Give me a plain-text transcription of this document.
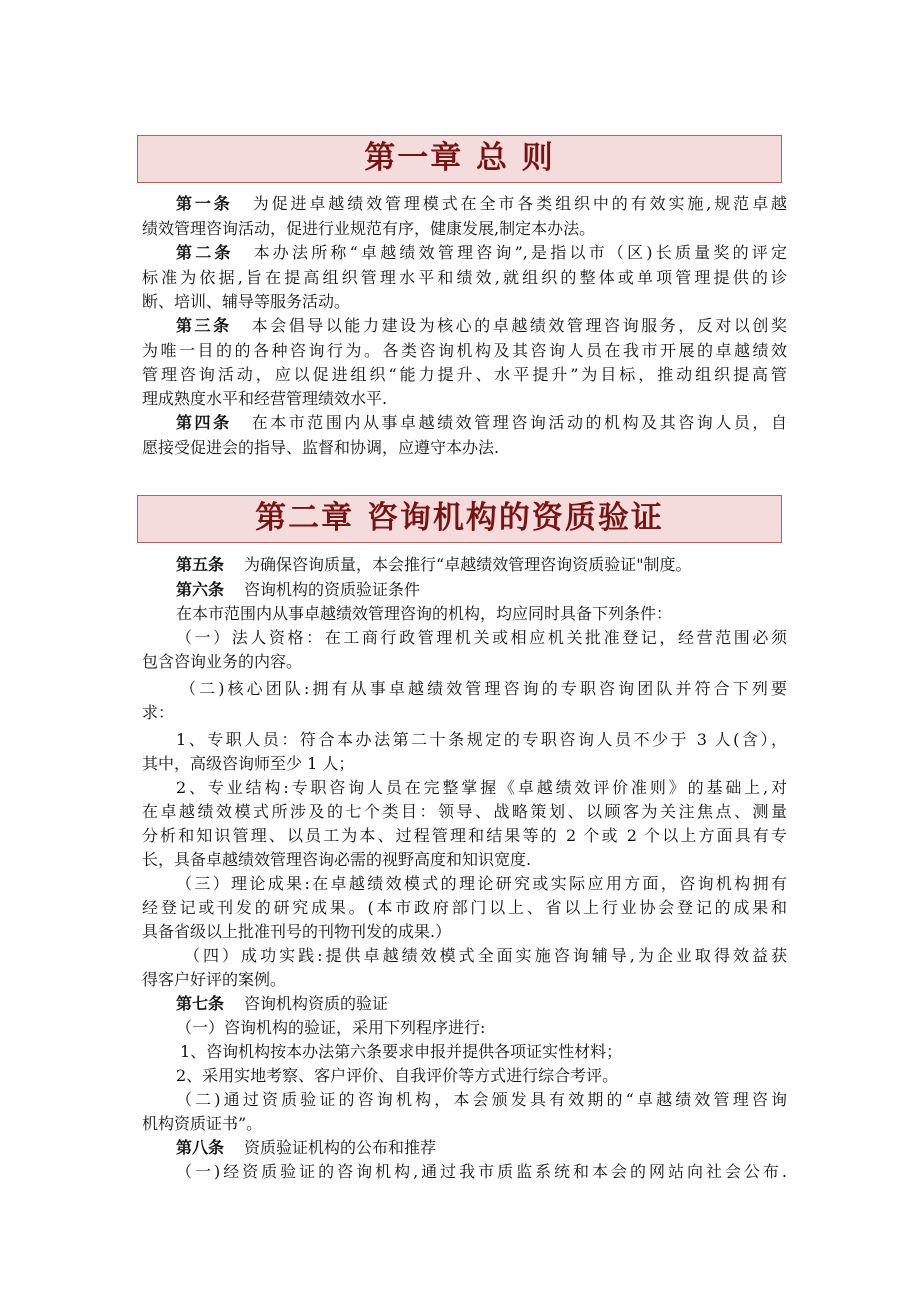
第一章 总 则
第一条 为促进卓越绩效管理模式在全市各类组织中的有效实施,规范卓越
绩效管理咨询活动，促进行业规范有序，健康发展,制定本办法。
第二条 本办法所称“卓越绩效管理咨询”,是指以市（区)长质量奖的评定
标准为依据,旨在提高组织管理水平和绩效,就组织的整体或单项管理提供的诊
断、培训、辅导等服务活动。
第三条 本会倡导以能力建设为核心的卓越绩效管理咨询服务，反对以创奖
为唯一目的的各种咨询行为。各类咨询机构及其咨询人员在我市开展的卓越绩效
管理咨询活动，应以促进组织“能力提升、水平提升”为目标，推动组织提高管
理成熟度水平和经营管理绩效水平.
第四条 在本市范围内从事卓越绩效管理咨询活动的机构及其咨询人员，自
愿接受促进会的指导、监督和协调，应遵守本办法.
第二章 咨询机构的资质验证
第五条 为确保咨询质量，本会推行“卓越绩效管理咨询资质验证"制度。
第六条 咨询机构的资质验证条件
在本市范围内从事卓越绩效管理咨询的机构，均应同时具备下列条件：
（一）法人资格：在工商行政管理机关或相应机关批准登记，经营范围必须
包含咨询业务的内容。
（二)核心团队:拥有从事卓越绩效管理咨询的专职咨询团队并符合下列要
求：
1、专职人员：符合本办法第二十条规定的专职咨询人员不少于 3 人(含），
其中，高级咨询师至少 1 人；
2、专业结构:专职咨询人员在完整掌握《卓越绩效评价准则》的基础上,对
在卓越绩效模式所涉及的七个类目：领导、战略策划、以顾客为关注焦点、测量
分析和知识管理、以员工为本、过程管理和结果等的 2 个或 2 个以上方面具有专
长，具备卓越绩效管理咨询必需的视野高度和知识宽度.
（三）理论成果:在卓越绩效模式的理论研究或实际应用方面，咨询机构拥有
经登记或刊发的研究成果。(本市政府部门以上、省以上行业协会登记的成果和
具备省级以上批准刊号的刊物刊发的成果.）
（四）成功实践:提供卓越绩效模式全面实施咨询辅导,为企业取得效益获
得客户好评的案例。
第七条 咨询机构资质的验证
（一）咨询机构的验证，采用下列程序进行:
1、咨询机构按本办法第六条要求申报并提供各项证实性材料；
2、采用实地考察、客户评价、自我评价等方式进行综合考评。
（二)通过资质验证的咨询机构，本会颁发具有效期的“卓越绩效管理咨询
机构资质证书”。
第八条 资质验证机构的公布和推荐
（一)经资质验证的咨询机构,通过我市质监系统和本会的网站向社会公布.
